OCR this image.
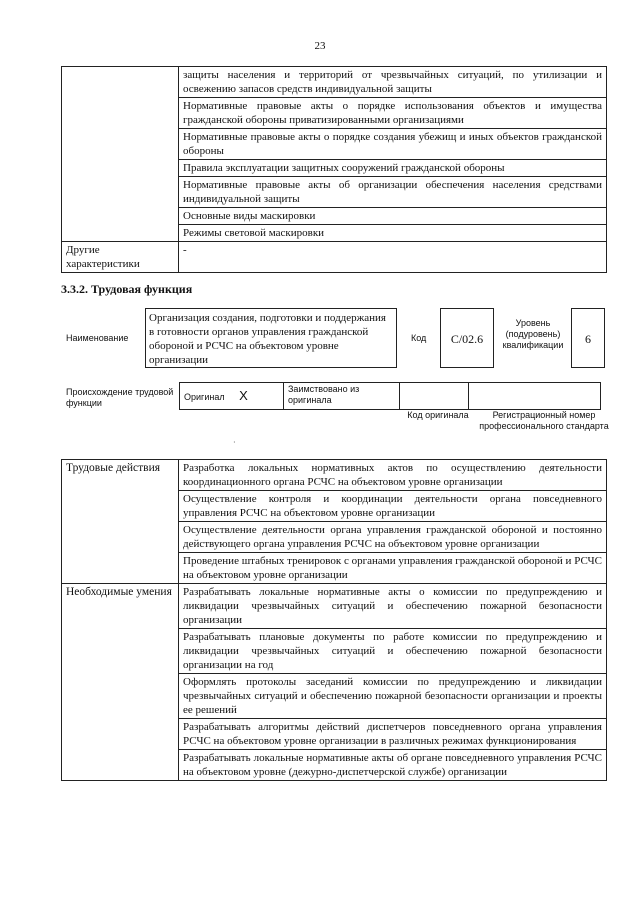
23
	защиты населения и территорий от чрезвычайных ситуаций, по утилизации и освежению запасов средств индивидуальной защиты
	Нормативные правовые акты о порядке использования объектов и имущества гражданской обороны приватизированными организациями
	Нормативные правовые акты о порядке создания убежищ и иных объектов гражданской обороны
	Правила эксплуатации защитных сооружений гражданской обороны
	Нормативные правовые акты об организации обеспечения населения средствами индивидуальной защиты
	Основные виды маскировки
	Режимы световой маскировки
Другие характеристики	-
3.3.2. Трудовая функция
Наименование
Организация создания, подготовки и поддержания в готовности органов управления гражданской обороной и РСЧС на объектовом уровне организации
Код	C/02.6
Уровень (подуровень) квалификации	6
Происхождение трудовой функции
Оригинал X	Заимствовано из оригинала		
Код оригинала	Регистрационный номер профессионального стандарта
·
Трудовые действия	Разработка локальных нормативных актов по осуществлению деятельности координационного органа РСЧС на объектовом уровне организации
	Осуществление контроля и координации деятельности органа повседневного управления РСЧС на объектовом уровне организации
	Осуществление деятельности органа управления гражданской обороной и постоянно действующего органа управления РСЧС на объектовом уровне организации
	Проведение штабных тренировок с органами управления гражданской обороной и РСЧС на объектовом уровне организации
Необходимые умения	Разрабатывать локальные нормативные акты о комиссии по предупреждению и ликвидации чрезвычайных ситуаций и обеспечению пожарной безопасности организации
	Разрабатывать плановые документы по работе комиссии по предупреждению и ликвидации чрезвычайных ситуаций и обеспечению пожарной безопасности организации на год
	Оформлять протоколы заседаний комиссии по предупреждению и ликвидации чрезвычайных ситуаций и обеспечению пожарной безопасности организации и проекты ее решений
	Разрабатывать алгоритмы действий диспетчеров повседневного органа управления РСЧС на объектовом уровне организации в различных режимах функционирования
	Разрабатывать локальные нормативные акты об органе повседневного управления РСЧС на объектовом уровне (дежурно-диспетчерской службе) организации
